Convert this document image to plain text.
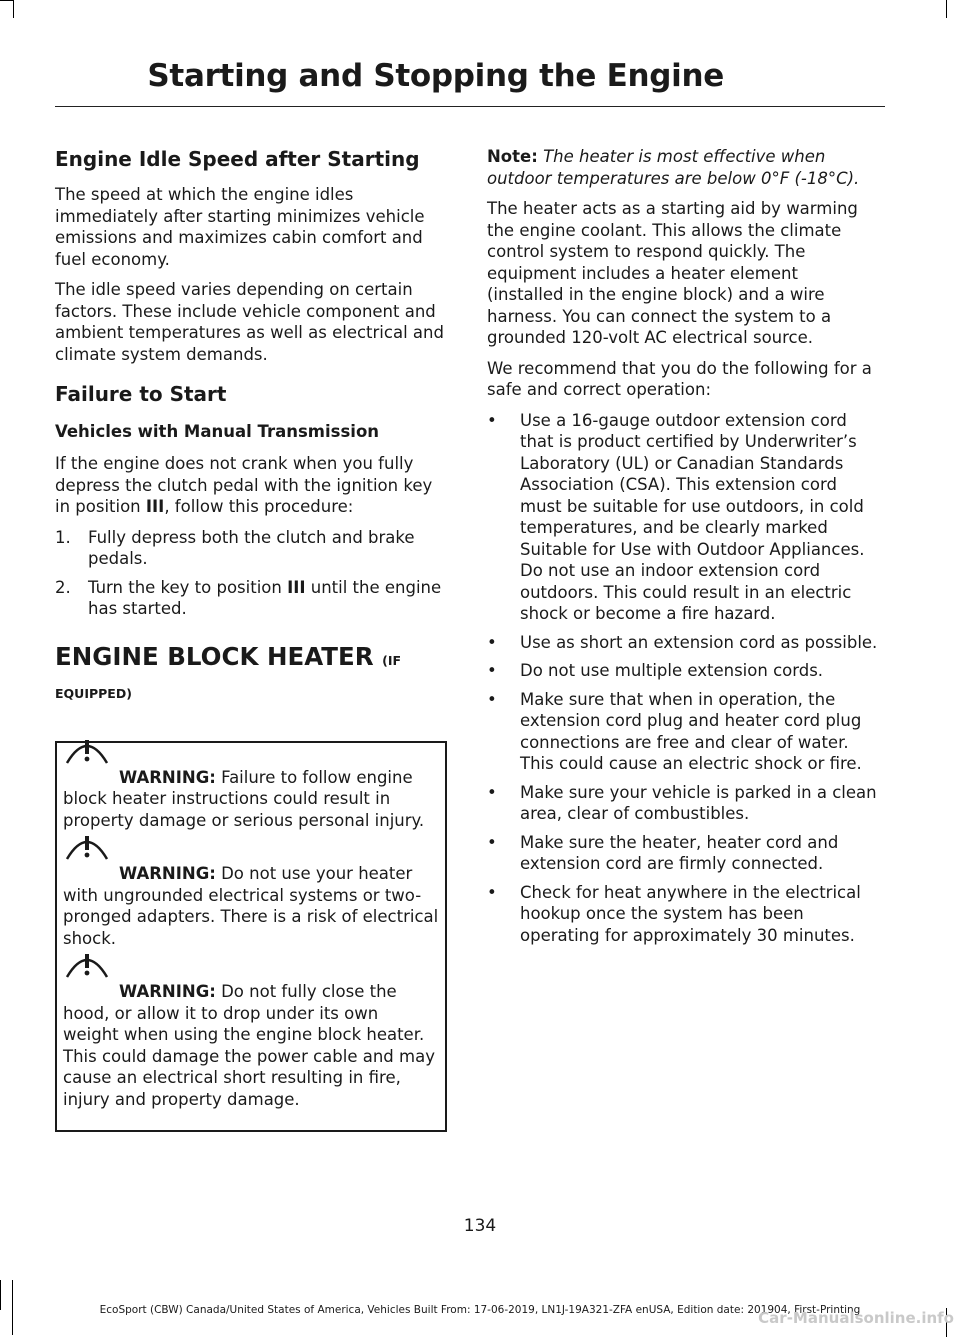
Starting and Stopping the Engine
Engine Idle Speed after Starting

The speed at which the engine idles immediately after starting minimizes vehicle emissions and maximizes cabin comfort and fuel economy.

The idle speed varies depending on certain factors. These include vehicle component and ambient temperatures as well as electrical and climate system demands.

Failure to Start
Vehicles with Manual Transmission

If the engine does not crank when you fully depress the clutch pedal with the ignition key in position III, follow this procedure:

1. Fully depress both the clutch and brake pedals.
2. Turn the key to position III until the engine has started.
ENGINE BLOCK HEATER (IF
EQUIPPED)
WARNING: Failure to follow engine block heater instructions could result in property damage or serious personal injury.
WARNING: Do not use your heater with ungrounded electrical systems or two-pronged adapters. There is a risk of electrical shock.
WARNING: Do not fully close the hood, or allow it to drop under its own weight when using the engine block heater. This could damage the power cable and may cause an electrical short resulting in fire, injury and property damage.

Note: The heater is most effective when outdoor temperatures are below 0°F (-18°C).

The heater acts as a starting aid by warming the engine coolant. This allows the climate control system to respond quickly. The equipment includes a heater element (installed in the engine block) and a wire harness. You can connect the system to a grounded 120-volt AC electrical source.

We recommend that you do the following for a safe and correct operation:

• Use a 16-gauge outdoor extension cord that is product certified by Underwriter’s Laboratory (UL) or Canadian Standards Association (CSA). This extension cord must be suitable for use outdoors, in cold temperatures, and be clearly marked Suitable for Use with Outdoor Appliances. Do not use an indoor extension cord outdoors. This could result in an electric shock or become a fire hazard.
• Use as short an extension cord as possible.
• Do not use multiple extension cords.
• Make sure that when in operation, the extension cord plug and heater cord plug connections are free and clear of water. This could cause an electric shock or fire.
• Make sure your vehicle is parked in a clean area, clear of combustibles.
• Make sure the heater, heater cord and extension cord are firmly connected.
• Check for heat anywhere in the electrical hookup once the system has been operating for approximately 30 minutes.
134
EcoSport (CBW) Canada/United States of America, Vehicles Built From: 17-06-2019, LN1J-19A321-ZFA enUSA, Edition date: 201904, First-Printing
Car-Manualsonline.info
